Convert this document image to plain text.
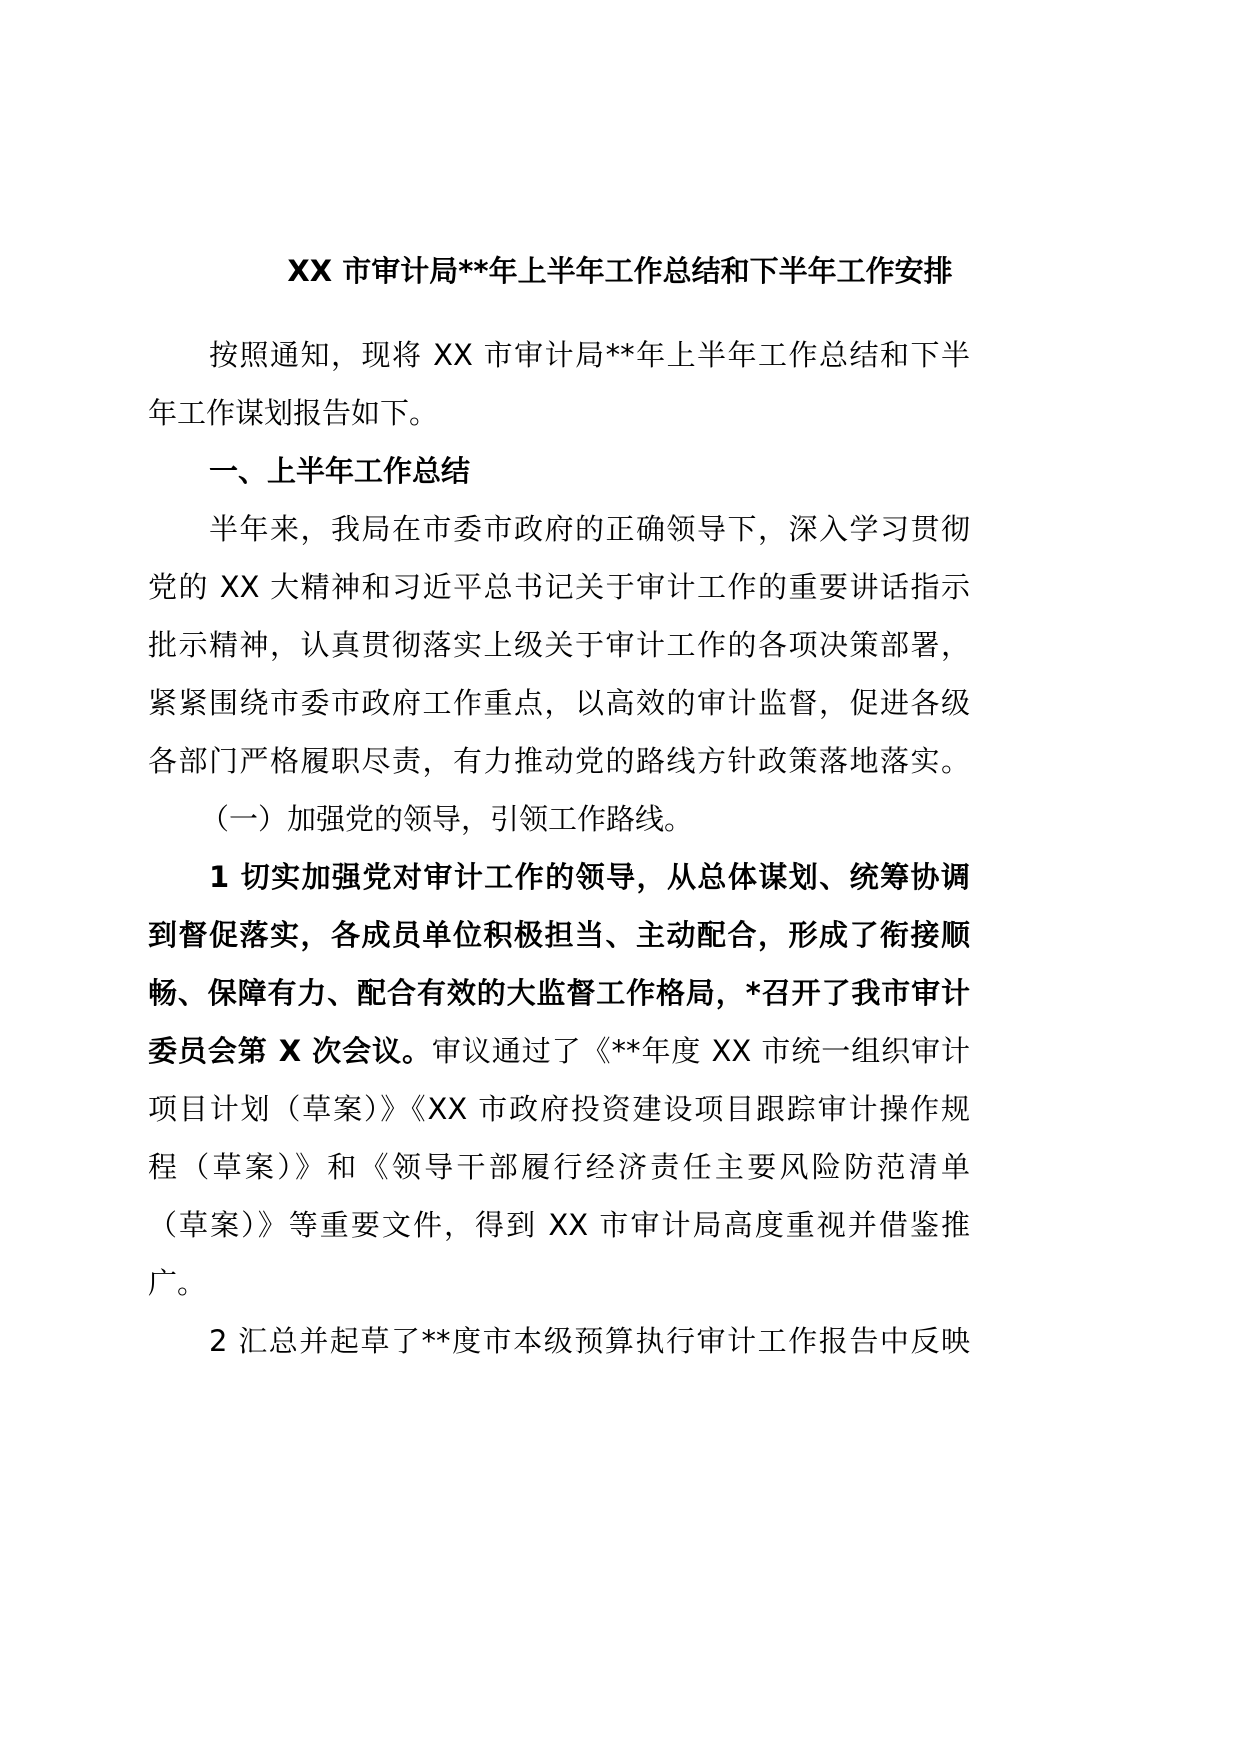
XX 市审计局**年上半年工作总结和下半年工作安排
按照通知，现将 XX 市审计局**年上半年工作总结和下半
年工作谋划报告如下。
一、上半年工作总结
半年来，我局在市委市政府的正确领导下，深入学习贯彻
党的 XX 大精神和习近平总书记关于审计工作的重要讲话指示
批示精神，认真贯彻落实上级关于审计工作的各项决策部署，
紧紧围绕市委市政府工作重点，以高效的审计监督，促进各级
各部门严格履职尽责，有力推动党的路线方针政策落地落实。
（一）加强党的领导，引领工作路线。
1 切实加强党对审计工作的领导，从总体谋划、统筹协调
到督促落实，各成员单位积极担当、主动配合，形成了衔接顺
畅、保障有力、配合有效的大监督工作格局，*召开了我市审计
委员会第 X 次会议。审议通过了《**年度 XX 市统一组织审计
项目计划（草案）》《XX 市政府投资建设项目跟踪审计操作规
程（草案）》和《领导干部履行经济责任主要风险防范清单
（草案）》等重要文件，得到 XX 市审计局高度重视并借鉴推
广。
2 汇总并起草了**度市本级预算执行审计工作报告中反映
